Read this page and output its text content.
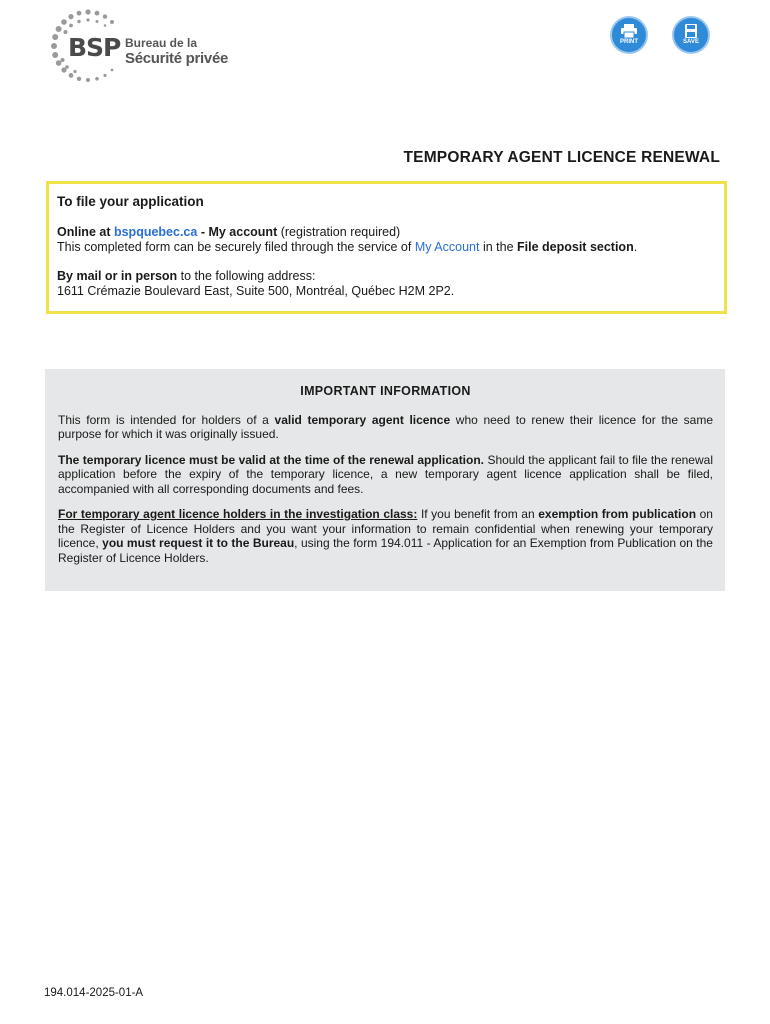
BSP Bureau de la
Sécurité privée
PRINT	SAVE
TEMPORARY AGENT LICENCE RENEWAL
To file your application

Online at bspquebec.ca - My account (registration required)

This completed form can be securely filed through the service of My Account in the File deposit section.

By mail or in person to the following address:

1611 Crémazie Boulevard East, Suite 500, Montréal, Québec H2M 2P2.

IMPORTANT INFORMATION

This form is intended for holders of a valid temporary agent licence who need to renew their licence for the same purpose for which it was originally issued.

The temporary licence must be valid at the time of the renewal application. Should the applicant fail to file the renewal application before the expiry of the temporary licence, a new temporary agent licence application shall be filed, accompanied with all corresponding documents and fees.

For temporary agent licence holders in the investigation class: If you benefit from an exemption from publication on the Register of Licence Holders and you want your information to remain confidential when renewing your temporary licence, you must request it to the Bureau, using the form 194.011 - Application for an Exemption from Publication on the Register of Licence Holders.

194.014-2025-01-A
